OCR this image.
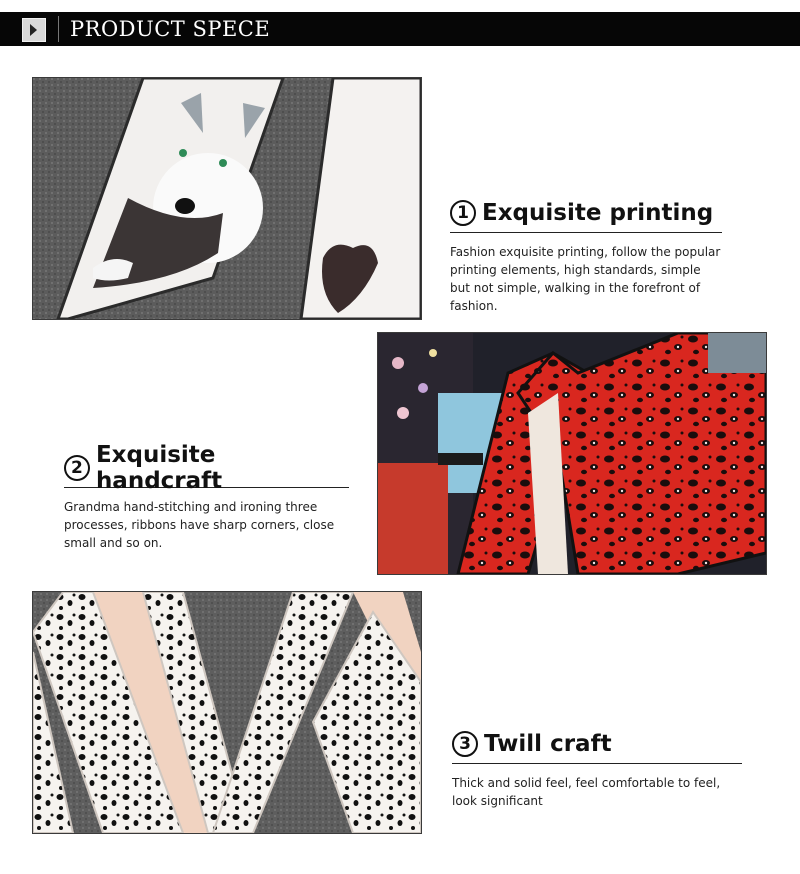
PRODUCT SPECE
1 Exquisite printing
Fashion exquisite printing, follow the popular printing elements, high standards, simple but not simple, walking in the forefront of fashion.
2 Exquisite handcraft
Grandma hand-stitching and ironing three processes, ribbons have sharp corners, close small and so on.
3 Twill craft
Thick and solid feel, feel comfortable to feel, look significant
